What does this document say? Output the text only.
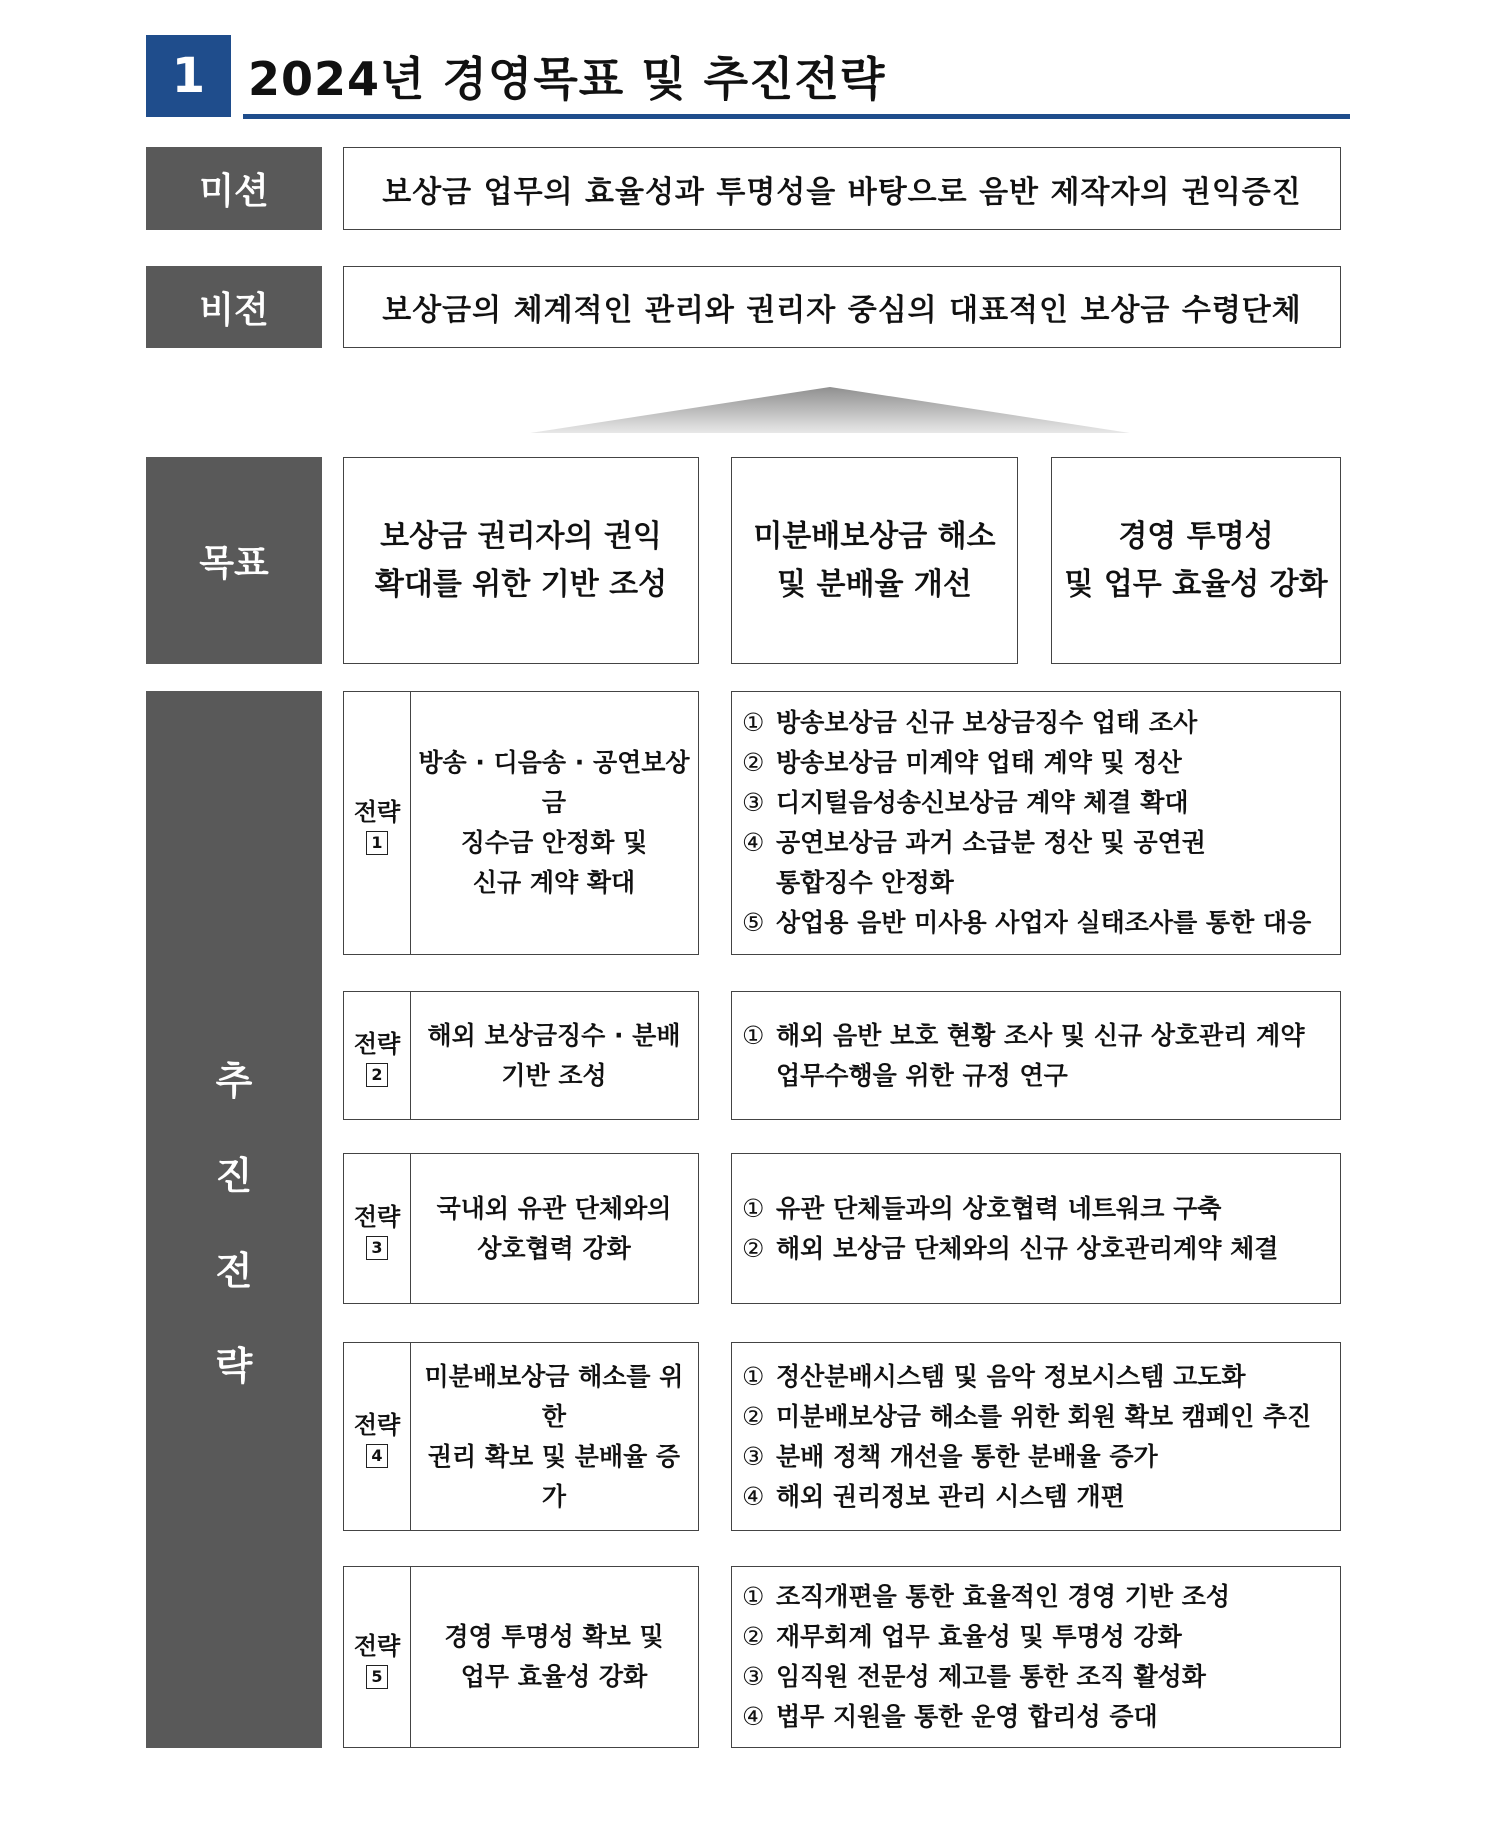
1 2024년 경영목표 및 추진전략
미션	보상금 업무의 효율성과 투명성을 바탕으로 음반 제작자의 권익증진
비전	보상금의 체계적인 관리와 권리자 중심의 대표적인 보상금 수령단체
목표
보상금 권리자의 권익
확대를 위한 기반 조성
미분배보상금 해소
및 분배율 개선
경영 투명성
및 업무 효율성 강화
추
진
전
략
전략
1
방송 · 디음송 · 공연보상금
징수금 안정화 및
신규 계약 확대
① 방송보상금 신규 보상금징수 업태 조사
② 방송보상금 미계약 업태 계약 및 정산
③ 디지털음성송신보상금 계약 체결 확대
④ 공연보상금 과거 소급분 정산 및 공연권
통합징수 안정화
⑤ 상업용 음반 미사용 사업자 실태조사를 통한 대응
전략
2
해외 보상금징수 · 분배
기반 조성
① 해외 음반 보호 현황 조사 및 신규 상호관리 계약
업무수행을 위한 규정 연구
전략
3
국내외 유관 단체와의
상호협력 강화
① 유관 단체들과의 상호협력 네트워크 구축
② 해외 보상금 단체와의 신규 상호관리계약 체결
전략
4
미분배보상금 해소를 위한
권리 확보 및 분배율 증가
① 정산분배시스템 및 음악 정보시스템 고도화
② 미분배보상금 해소를 위한 회원 확보 캠페인 추진
③ 분배 정책 개선을 통한 분배율 증가
④ 해외 권리정보 관리 시스템 개편
전략
5
경영 투명성 확보 및
업무 효율성 강화
① 조직개편을 통한 효율적인 경영 기반 조성
② 재무회계 업무 효율성 및 투명성 강화
③ 임직원 전문성 제고를 통한 조직 활성화
④ 법무 지원을 통한 운영 합리성 증대
